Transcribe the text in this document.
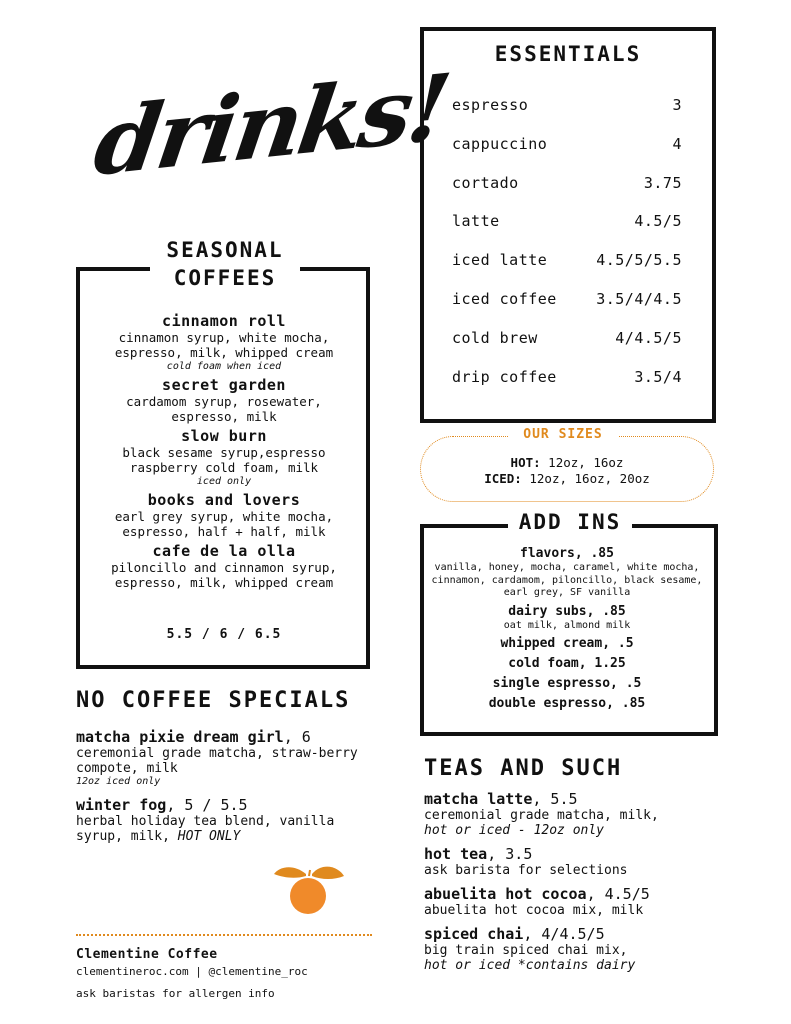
drinks!
SEASONAL
COFFEES
cinnamon roll
cinnamon syrup, white mocha, espresso, milk, whipped cream
cold foam when iced
secret garden
cardamom syrup, rosewater, espresso, milk
slow burn
black sesame syrup,espresso raspberry cold foam, milk
iced only
books and lovers
earl grey syrup, white mocha, espresso, half + half, milk
cafe de la olla
piloncillo and cinnamon syrup, espresso, milk, whipped cream
5.5 / 6 / 6.5
NO COFFEE SPECIALS
matcha pixie dream girl, 6
ceremonial grade matcha, straw-berry compote, milk
12oz iced only
winter fog, 5 / 5.5
herbal holiday tea blend, vanilla syrup, milk, HOT ONLY
Clementine Coffee
clementineroc.com | @clementine_roc
ask baristas for allergen info
ESSENTIALS
espresso	3
cappuccino	4
cortado	3.75
latte	4.5/5
iced latte	4.5/5/5.5
iced coffee	3.5/4/4.5
cold brew	4/4.5/5
drip coffee	3.5/4
OUR SIZES
HOT: 12oz, 16oz
ICED: 12oz, 16oz, 20oz
ADD INS
flavors, .85
vanilla, honey, mocha, caramel, white mocha, cinnamon, cardamom, piloncillo, black sesame, earl grey, SF vanilla
dairy subs, .85
oat milk, almond milk
whipped cream, .5
cold foam, 1.25
single espresso, .5
double espresso, .85
TEAS AND SUCH
matcha latte, 5.5
ceremonial grade matcha, milk,
hot or iced - 12oz only
hot tea, 3.5
ask barista for selections
abuelita hot cocoa, 4.5/5
abuelita hot cocoa mix, milk
spiced chai, 4/4.5/5
big train spiced chai mix,
hot or iced *contains dairy
